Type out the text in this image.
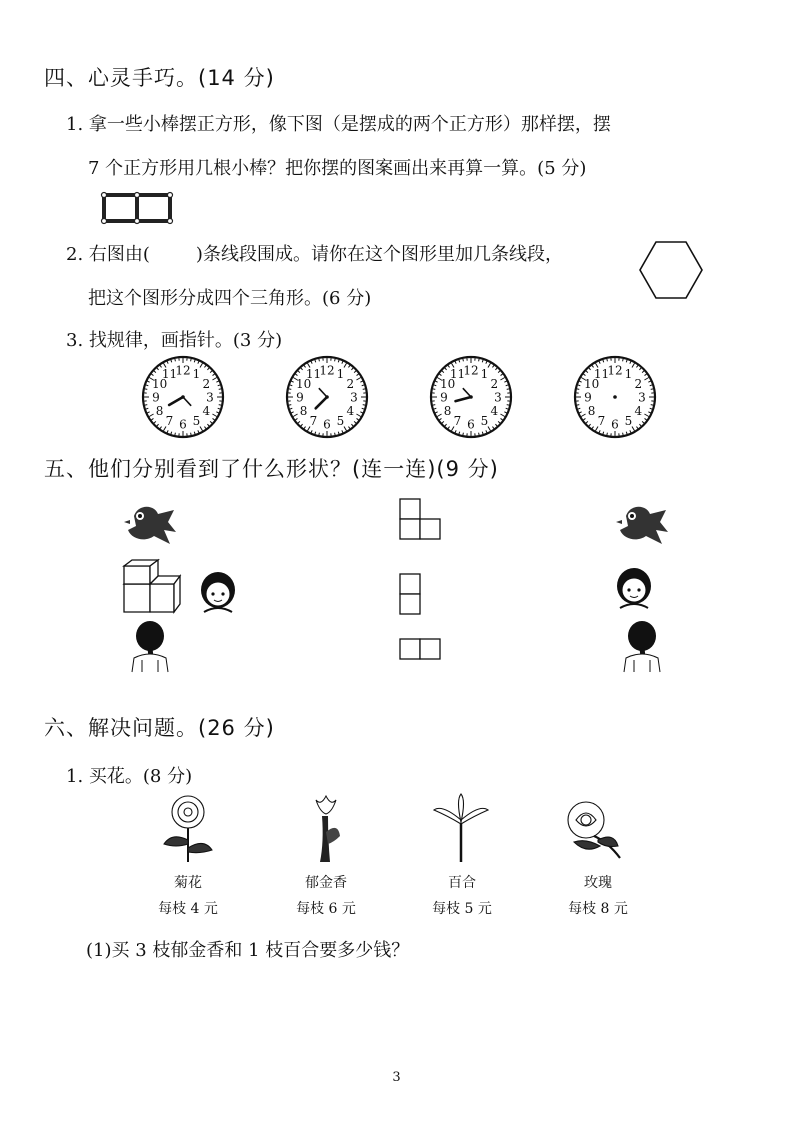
四、心灵手巧。(14 分)
1. 拿一些小棒摆正方形，像下图（是摆成的两个正方形）那样摆，摆
7 个正方形用几根小棒？把你摆的图案画出来再算一算。(5 分)
2. 右图由(	)条线段围成。请你在这个图形里加几条线段，
把这个图形分成四个三角形。(6 分)
3. 找规律，画指针。(3 分)
12 1
2
3
4
5
6
7
8
9
10
11	12 1
2
3
4
5
6
7
8
9
10
11	12 1
2
3
4
5
6
7
8
9
10
11	12 1
2
3
4
5
6
7
8
9
10
11
五、他们分别看到了什么形状？(连一连)(9 分)
六、解决问题。(26 分)
1. 买花。(8 分)
菊花
每枝 4 元
郁金香
每枝 6 元
百合
每枝 5 元
玫瑰
每枝 8 元
(1)买 3 枝郁金香和 1 枝百合要多少钱？
3
